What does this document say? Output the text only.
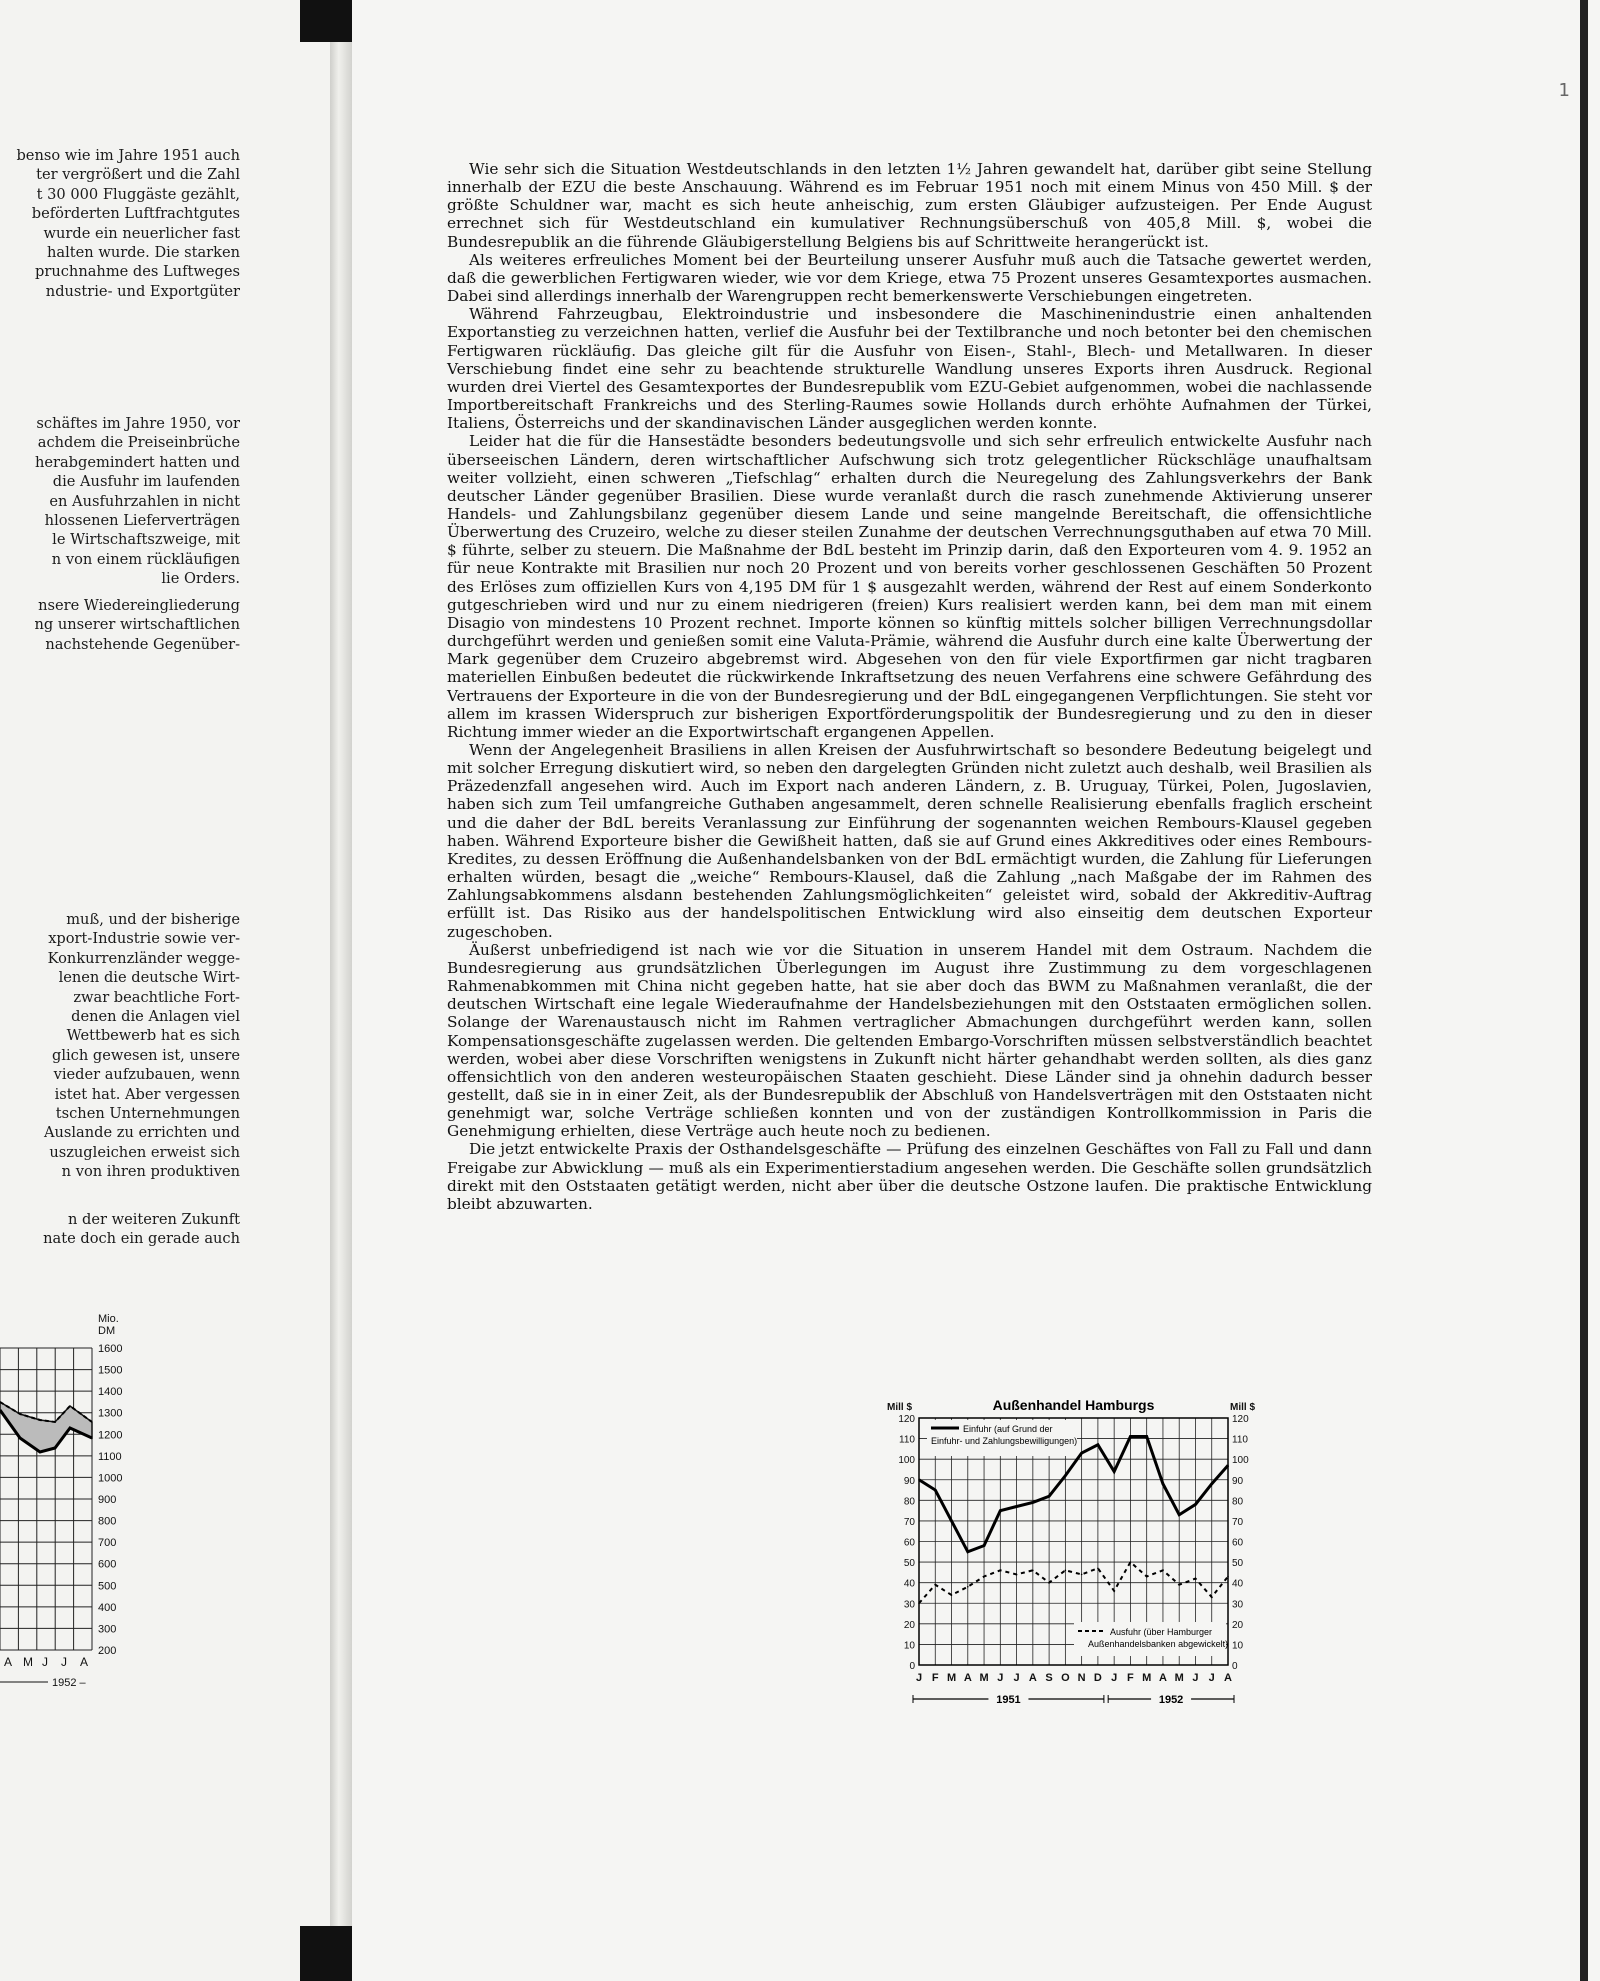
benso wie im Jahre 1951 auch
ter vergrößert und die Zahl
t 30 000 Fluggäste gezählt,
beförderten Luftfrachtgutes
wurde ein neuerlicher fast
halten wurde. Die starken
pruchnahme des Luftweges
ndustrie- und Exportgüter
schäftes im Jahre 1950, vor
achdem die Preiseinbrüche
herabgemindert hatten und
die Ausfuhr im laufenden
en Ausfuhrzahlen in nicht
hlossenen Lieferverträgen
le Wirtschaftszweige, mit
n von einem rückläufigen
lie Orders.
nsere Wiedereingliederung
ng unserer wirtschaftlichen
nachstehende Gegenüber-
muß, und der bisherige
xport-Industrie sowie ver-
Konkurrenzländer wegge-
lenen die deutsche Wirt-
zwar beachtliche Fort-
denen die Anlagen viel
Wettbewerb hat es sich
glich gewesen ist, unsere
vieder aufzubauen, wenn
istet hat. Aber vergessen
tschen Unternehmungen
Auslande zu errichten und
uszugleichen erweist sich
n von ihren produktiven
n der weiteren Zukunft
nate doch ein gerade auch
1600
1500
1400
1300
1200
1100
1000
900
800
700
600
500
400
300
200
Mio.
DM
A M J J A
1952 –
1

Wie sehr sich die Situation Westdeutschlands in den letzten 1½ Jahren gewandelt hat, darüber gibt seine Stellung innerhalb der EZU die beste Anschauung. Während es im Februar 1951 noch mit einem Minus von 450 Mill. $ der größte Schuldner war, macht es sich heute anheischig, zum ersten Gläubiger aufzusteigen. Per Ende August errechnet sich für Westdeutschland ein kumulativer Rechnungsüberschuß von 405,8 Mill. $, wobei die Bundesrepublik an die führende Gläubigerstellung Belgiens bis auf Schrittweite herangerückt ist.

Als weiteres erfreuliches Moment bei der Beurteilung unserer Ausfuhr muß auch die Tatsache gewertet werden, daß die gewerblichen Fertigwaren wieder, wie vor dem Kriege, etwa 75 Prozent unseres Gesamtexportes ausmachen. Dabei sind allerdings innerhalb der Warengruppen recht bemerkenswerte Verschiebungen eingetreten.

Während Fahrzeugbau, Elektroindustrie und insbesondere die Maschinenindustrie einen anhaltenden Exportanstieg zu verzeichnen hatten, verlief die Ausfuhr bei der Textilbranche und noch betonter bei den chemischen Fertigwaren rückläufig. Das gleiche gilt für die Ausfuhr von Eisen-, Stahl-, Blech- und Metallwaren. In dieser Verschiebung findet eine sehr zu beachtende strukturelle Wandlung unseres Exports ihren Ausdruck. Regional wurden drei Viertel des Gesamtexportes der Bundesrepublik vom EZU-Gebiet aufgenommen, wobei die nachlassende Importbereitschaft Frankreichs und des Sterling-Raumes sowie Hollands durch erhöhte Aufnahmen der Türkei, Italiens, Österreichs und der skandinavischen Länder ausgeglichen werden konnte.

Leider hat die für die Hansestädte besonders bedeutungsvolle und sich sehr erfreulich entwickelte Ausfuhr nach überseeischen Ländern, deren wirtschaftlicher Aufschwung sich trotz gelegentlicher Rückschläge unaufhaltsam weiter vollzieht, einen schweren „Tiefschlag“ erhalten durch die Neuregelung des Zahlungsverkehrs der Bank deutscher Länder gegenüber Brasilien. Diese wurde veranlaßt durch die rasch zunehmende Aktivierung unserer Handels- und Zahlungsbilanz gegenüber diesem Lande und seine mangelnde Bereitschaft, die offensichtliche Überwertung des Cruzeiro, welche zu dieser steilen Zunahme der deutschen Verrechnungsguthaben auf etwa 70 Mill. $ führte, selber zu steuern. Die Maßnahme der BdL besteht im Prinzip darin, daß den Exporteuren vom 4. 9. 1952 an für neue Kontrakte mit Brasilien nur noch 20 Prozent und von bereits vorher geschlossenen Geschäften 50 Prozent des Erlöses zum offiziellen Kurs von 4,195 DM für 1 $ ausgezahlt werden, während der Rest auf einem Sonderkonto gutgeschrieben wird und nur zu einem niedrigeren (freien) Kurs realisiert werden kann, bei dem man mit einem Disagio von mindestens 10 Prozent rechnet. Importe können so künftig mittels solcher billigen Verrechnungsdollar durchgeführt werden und genießen somit eine Valuta-Prämie, während die Ausfuhr durch eine kalte Überwertung der Mark gegenüber dem Cruzeiro abgebremst wird. Abgesehen von den für viele Exportfirmen gar nicht tragbaren materiellen Einbußen bedeutet die rückwirkende Inkraftsetzung des neuen Verfahrens eine schwere Gefährdung des Vertrauens der Exporteure in die von der Bundesregierung und der BdL eingegangenen Verpflichtungen. Sie steht vor allem im krassen Widerspruch zur bisherigen Exportförderungspolitik der Bundesregierung und zu den in dieser Richtung immer wieder an die Exportwirtschaft ergangenen Appellen.

Wenn der Angelegenheit Brasiliens in allen Kreisen der Ausfuhrwirtschaft so besondere Bedeutung beigelegt und mit solcher Erregung diskutiert wird, so neben den dargelegten Gründen nicht zuletzt auch deshalb, weil Brasilien als Präzedenzfall angesehen wird. Auch im Export nach anderen Ländern, z. B. Uruguay, Türkei, Polen, Jugoslavien, haben sich zum Teil umfangreiche Guthaben angesammelt, deren schnelle Realisierung ebenfalls fraglich erscheint und die daher der BdL bereits Veranlassung zur Einführung der sogenannten weichen Rembours-Klausel gegeben haben. Während Exporteure bisher die Gewißheit hatten, daß sie auf Grund eines Akkreditives oder eines Rembours-Kredites, zu dessen Eröffnung die Außenhandelsbanken von der BdL ermächtigt wurden, die Zahlung für Lieferungen erhalten würden, besagt die „weiche“ Rembours-Klausel, daß die Zahlung „nach Maßgabe der im Rahmen des Zahlungsabkommens alsdann bestehenden Zahlungsmöglichkeiten“ geleistet wird, sobald der Akkreditiv-Auftrag erfüllt ist. Das Risiko aus der handelspolitischen Entwicklung wird also einseitig dem deutschen Exporteur zugeschoben.

Äußerst unbefriedigend ist nach wie vor die Situation in unserem Handel mit dem Ostraum. Nachdem die Bundesregierung aus grundsätzlichen Überlegungen im August ihre Zustimmung zu dem vorgeschlagenen Rahmenabkommen mit China nicht gegeben hatte, hat sie aber doch das BWM zu Maßnahmen veranlaßt, die der deutschen Wirtschaft eine legale Wiederaufnahme der Handelsbeziehungen mit den Oststaaten ermöglichen sollen. Solange der Warenaustausch nicht im Rahmen vertraglicher Abmachungen durchgeführt werden kann, sollen Kompensationsgeschäfte zugelassen werden. Die geltenden Embargo-Vorschriften müssen selbstverständlich beachtet werden, wobei aber diese Vorschriften wenigstens in Zukunft nicht härter gehandhabt werden sollten, als dies ganz offensichtlich von den anderen westeuropäischen Staaten geschieht. Diese Länder sind ja ohnehin dadurch besser gestellt, daß sie in in einer Zeit, als der Bundesrepublik der Abschluß von Handelsverträgen mit den Oststaaten nicht genehmigt war, solche Verträge schließen konnten und von der zuständigen Kontrollkommission in Paris die Genehmigung erhielten, diese Verträge auch heute noch zu bedienen.

Die jetzt entwickelte Praxis der Osthandelsgeschäfte — Prüfung des einzelnen Geschäftes von Fall zu Fall und dann Freigabe zur Abwicklung — muß als ein Experimentierstadium angesehen werden. Die Geschäfte sollen grundsätzlich direkt mit den Oststaaten getätigt werden, nicht aber über die deutsche Ostzone laufen. Die praktische Entwicklung bleibt abzuwarten.

0	0
10	10
20	20
30	30
40	40
50	50
60	60
70	70
80	80
90	90
100	100
110	110
120	120
J F M A M J J A S O N D J F M A M J J A
Außenhandel Hamburgs
Mill $	Mill $
Einfuhr (auf Grund der
Einfuhr- und Zahlungsbewilligungen)
Ausfuhr (über Hamburger
Außenhandelsbanken abgewickelt)
1951	1952
